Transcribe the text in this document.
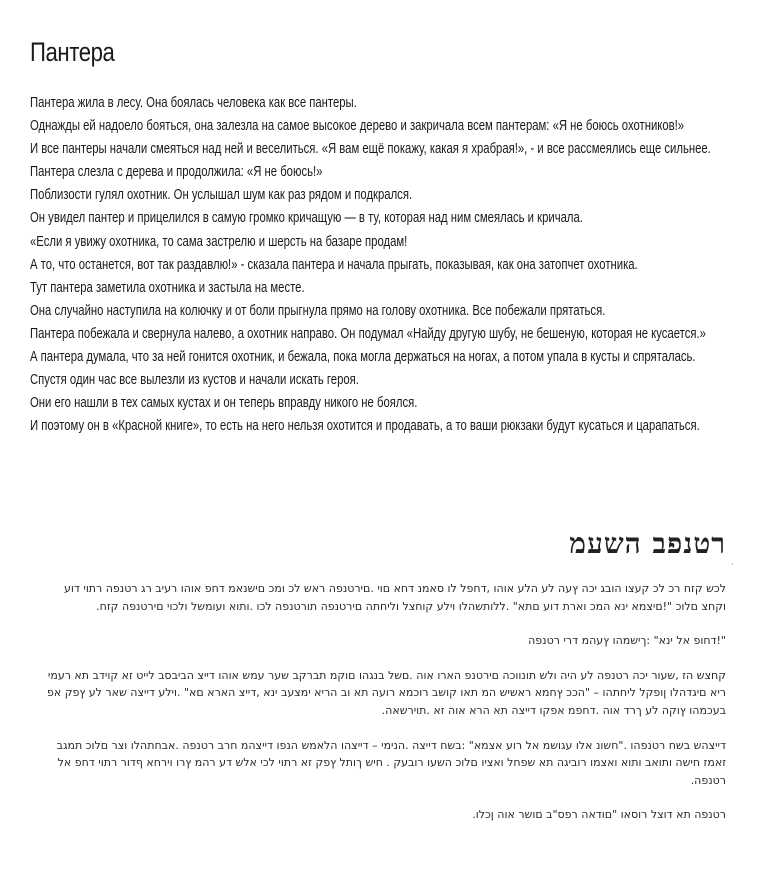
Пантера
Пантера жила в лесу. Она боялась человека как все пантеры.
Однажды ей надоело бояться, она залезла на самое высокое дерево и закричала всем пантерам: «Я не боюсь охотников!»
И все пантеры начали смеяться над ней и веселиться. «Я вам ещё покажу, какая я храбрая!», - и все рассмеялись еще сильнее.
Пантера слезла с дерева и продолжила: «Я не боюсь!»
Поблизости гулял охотник. Он услышал шум как раз рядом и подкрался.
Он увидел пантер и прицелился в самую громко кричащую — в ту, которая над ним смеялась и кричала.
«Если я увижу охотника, то сама застрелю и шерсть на базаре продам!
А то, что останется, вот так раздавлю!» - сказала пантера и начала прыгать, показывая, как она затопчет охотника.
Тут пантера заметила охотника и застыла на месте.
Она случайно наступила на колючку и от боли прыгнула прямо на голову охотника. Все побежали прятаться.
Пантера побежала и свернула налево, а охотник направо. Он подумал «Найду другую шубу, не бешеную, которая не кусается.»
А пантера думала, что за ней гонится охотник, и бежала, пока могла держаться на ногах, а потом упала в кусты и спряталась.
Спустя один час все вылезли из кустов и начали искать героя.
Они его нашли в тех самых кустах и он теперь вправду никого не боялся.
И поэтому он в «Красной книге», то есть на него нельзя охотится и продавать, а то ваши рюкзаки будут кусаться и царапаться.
·
רטנפב השעמ

לכש קזח רכ לכ קעצו הובג יכה ץעה לע הלע אוהו ,דחפל לו סאמנ דחא םוי .םירטנפה ראש לכ ומכ םישנאמ דחפ אוהו רעיב רג רטנפה רתוי דוע וקחצ םלוכ "!םיצמא ינא המכ וארת דוע םתא" .ללותשהלו וילע קוחצל וליחתה םירטנפה תורטנפה לכו .ותוא ועומשל ולכוי םירטנפה קזח.

"!דחופ אל ינא" :ךישמהו ץעהמ דרי רטנפה

קחצש הז ,שעור יכה רטנפה לע היה ולש תונווכה םירטנפ הארו אוה .םשל בנגהו םוקמ תברקב שער עמש אוהו דייצ הביבסב לייט זא קוידב תא רעמי ריא םיגדהלו ןופקל ליחתהו – "הככ ץחמא ראשיש המ תאו קושב רוכמא רועה תא וב הריא ימצעב ינא ,דייצ הארא םא" .וילע דייצה שאר לע ץפק אפ בעכמהו ץוקה לע ךרד אוה .דחפמ אפקו דייצה תא הרא אוה זא .תוירשאה.

דייצהש בשח רטנפהו ."חשונ אלו עגושמ אל רוע אצמא" :בשח דייצה .הנימי – דייצהו הלאמש הנפו דייצהמ חרב רטנפה .אבחתהלו וצר םלוכ תמגב זאמז חישה ותואב ותוא ואצמו רוביגה תא שפחל ואציו םלוכ השעו רובעק . חיש ךותל ץפק זא רתוי לכי אלש דע רהמ ץרו וירחא ףדור רתוי דחפ אל רטנפה.

רטנפה תא דוצל רוסאו "םודאה רפס"ב םושר אוה ןכלו.
